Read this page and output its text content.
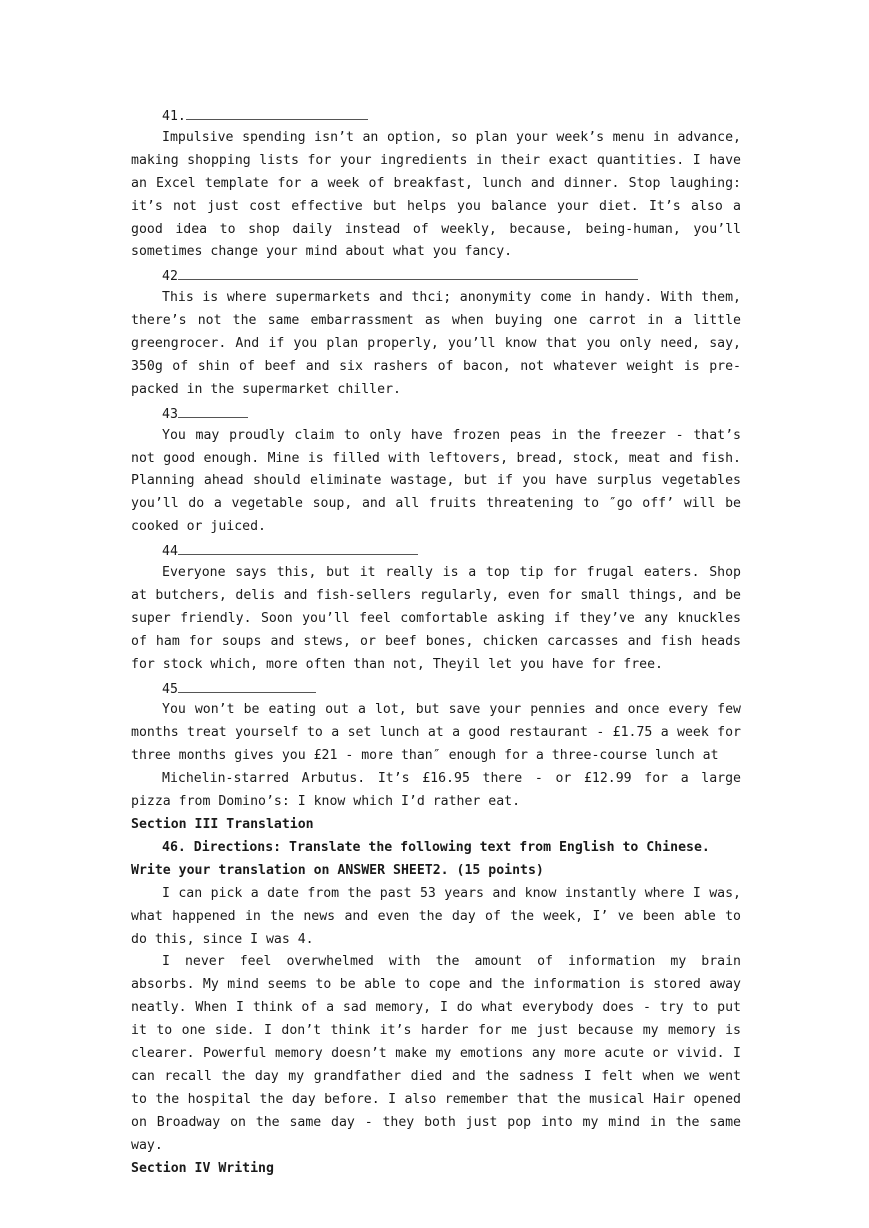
41.

Impulsive spending isn’t an option, so plan your week’s menu in advance, making shopping lists for your ingredients in their exact quantities. I have an Excel template for a week of breakfast, lunch and dinner. Stop laughing: it’s not just cost effective but helps you balance your diet. It’s also a good idea to shop daily instead of weekly, because, being-human, you’ll sometimes change your mind about what you fancy.

42

This is where supermarkets and thci; anonymity come in handy. With them, there’s not the same embarrassment as when buying one carrot in a little greengrocer. And if you plan properly, you’ll know that you only need, say, 350g of shin of beef and six rashers of bacon, not whatever weight is pre-packed in the supermarket chiller.

43

You may proudly claim to only have frozen peas in the freezer - that’s not good enough. Mine is filled with leftovers, bread, stock, meat and fish. Planning ahead should eliminate wastage, but if you have surplus vegetables you’ll do a vegetable soup, and all fruits threatening to ″go off’ will be cooked or juiced.

44

Everyone says this, but it really is a top tip for frugal eaters. Shop at butchers, delis and fish-sellers regularly, even for small things, and be super friendly. Soon you’ll feel comfortable asking if they’ve any knuckles of ham for soups and stews, or beef bones, chicken carcasses and fish heads for stock which, more often than not, Theyil let you have for free.

45

You won’t be eating out a lot, but save your pennies and once every few months treat yourself to a set lunch at a good restaurant - £1.75 a week for three months gives you £21 - more than″ enough for a three-course lunch at

Michelin-starred Arbutus. It’s £16.95 there - or £12.99 for a large pizza from Domino’s: I know which I’d rather eat.

Section III Translation

46. Directions: Translate the following text from English to Chinese. Write your translation on ANSWER SHEET2. (15 points)

I can pick a date from the past 53 years and know instantly where I was, what happened in the news and even the day of the week, I’ ve been able to do this, since I was 4.

I never feel overwhelmed with the amount of information my brain absorbs. My mind seems to be able to cope and the information is stored away neatly. When I think of a sad memory, I do what everybody does - try to put it to one side. I don’t think it’s harder for me just because my memory is clearer. Powerful memory doesn’t make my emotions any more acute or vivid. I can recall the day my grandfather died and the sadness I felt when we went to the hospital the day before. I also remember that the musical Hair opened on Broadway on the same day - they both just pop into my mind in the same way.

Section IV Writing
